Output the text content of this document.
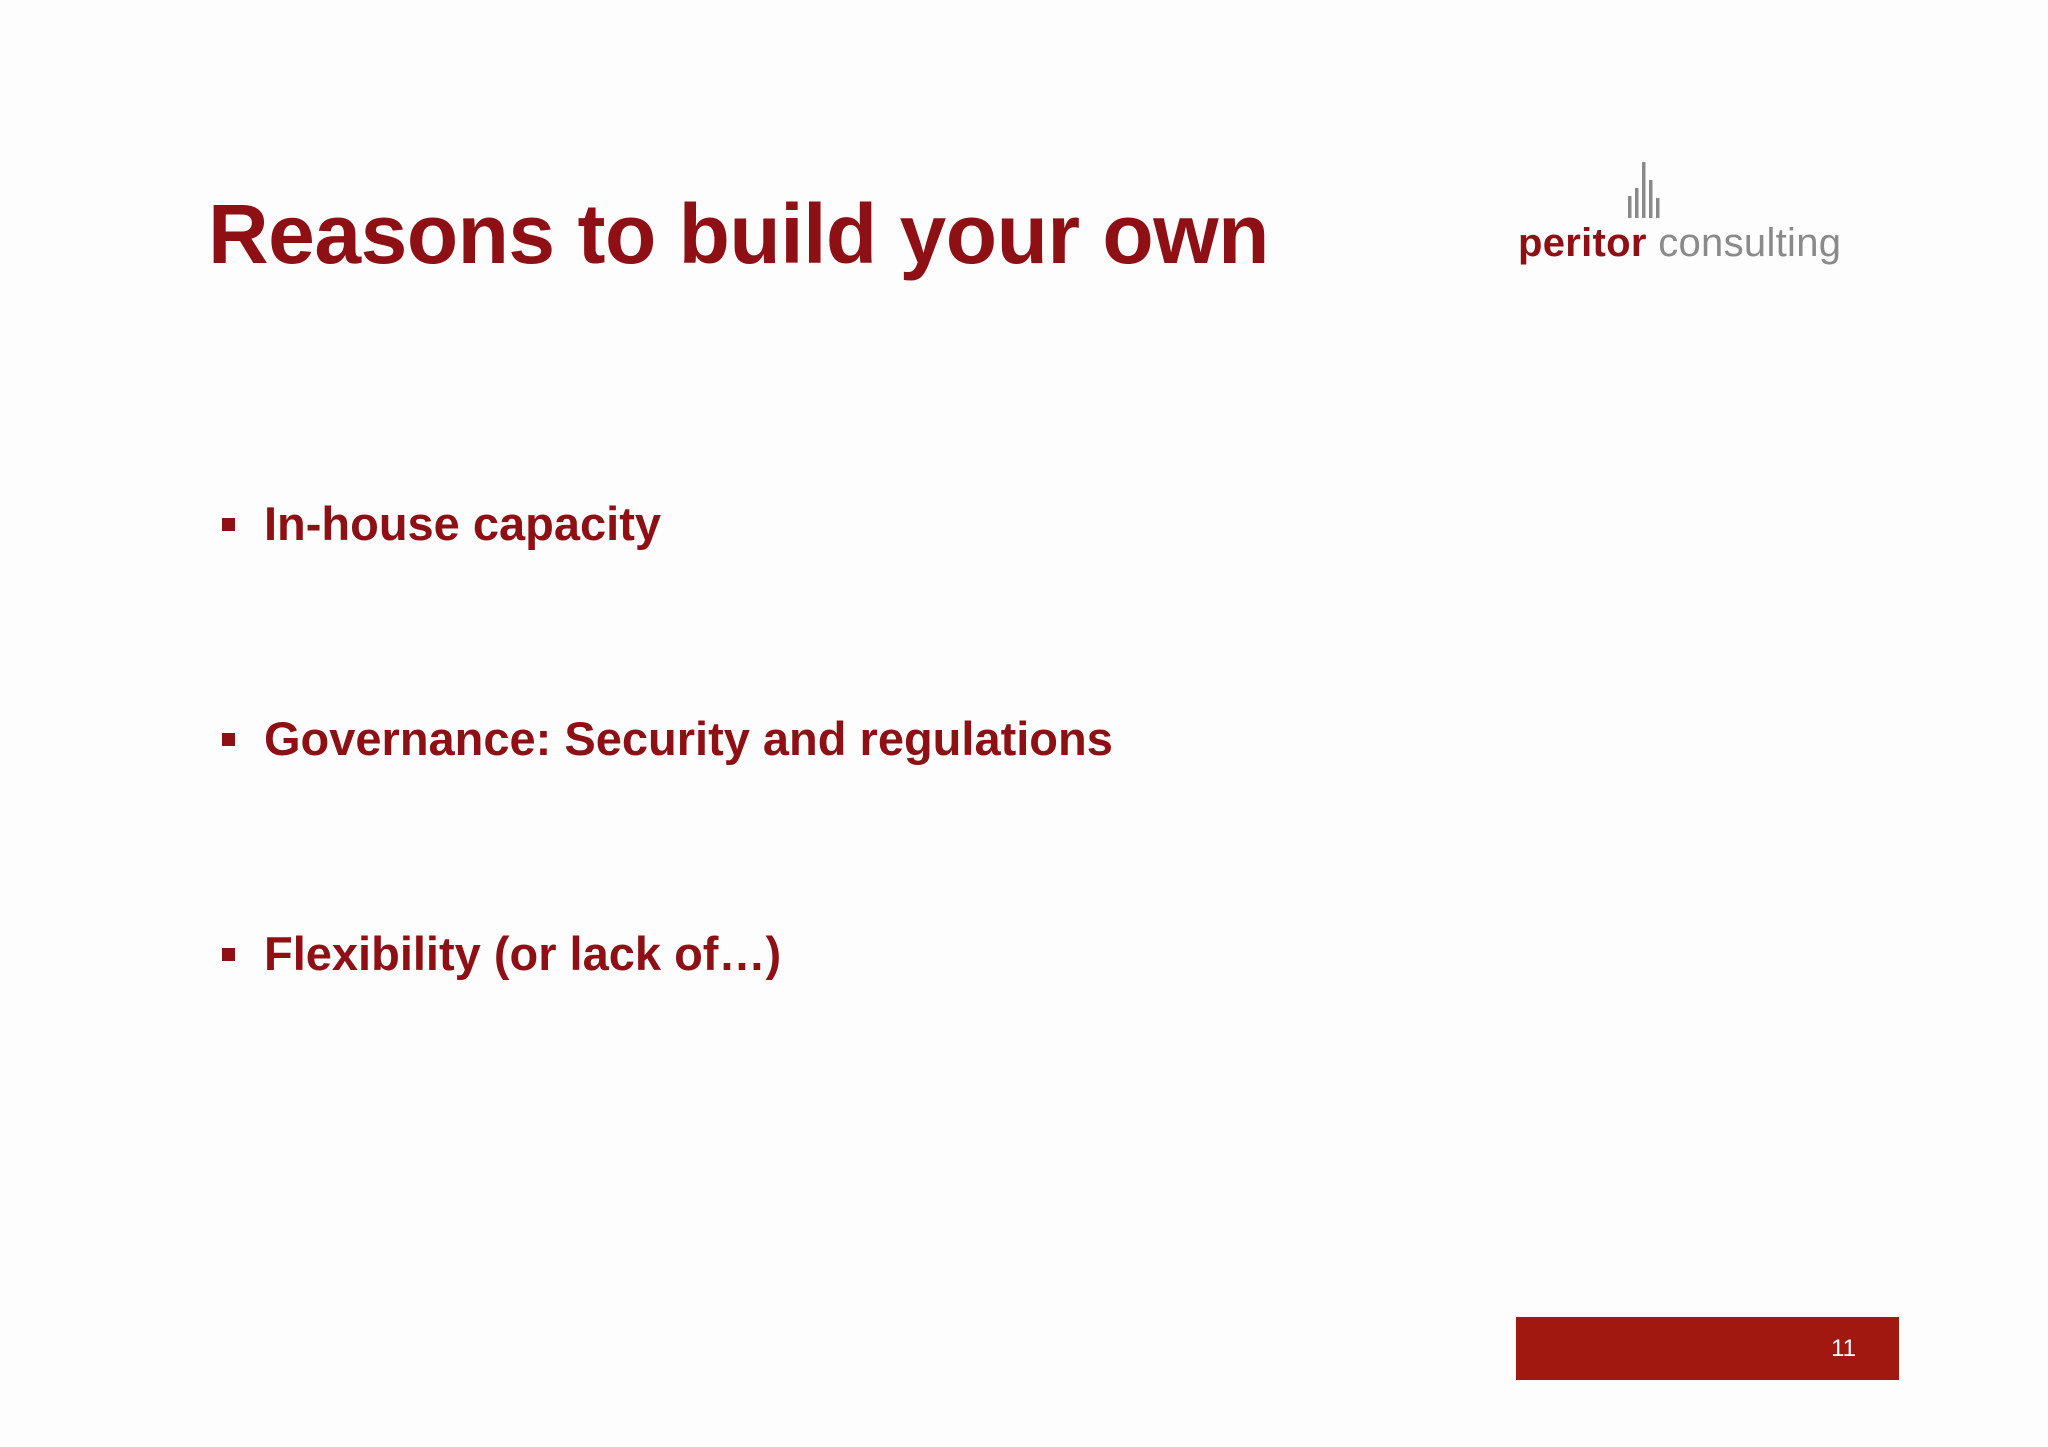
Reasons to build your own	peritor consulting
In-house capacity
Governance: Security and regulations
Flexibility (or lack of…)
11
